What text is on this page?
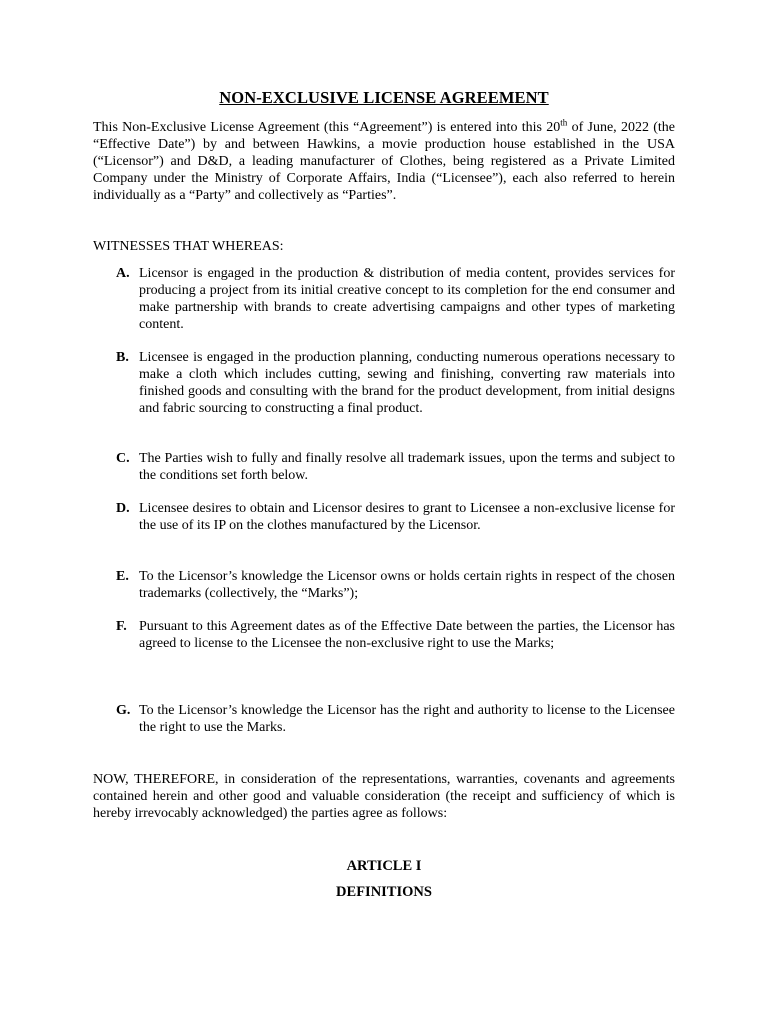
NON-EXCLUSIVE LICENSE AGREEMENT

This Non-Exclusive License Agreement (this “Agreement”) is entered into this 20th of June, 2022 (the “Effective Date”) by and between Hawkins, a movie production house established in the USA (“Licensor”) and D&D, a leading manufacturer of Clothes, being registered as a Private Limited Company under the Ministry of Corporate Affairs, India (“Licensee”), each also referred to herein individually as a “Party” and collectively as “Parties”.

WITNESSES THAT WHEREAS:

A. Licensor is engaged in the production & distribution of media content, provides services for producing a project from its initial creative concept to its completion for the end consumer and make partnership with brands to create advertising campaigns and other types of marketing content.
B. Licensee is engaged in the production planning, conducting numerous operations necessary to make a cloth which includes cutting, sewing and finishing, converting raw materials into finished goods and consulting with the brand for the product development, from initial designs and fabric sourcing to constructing a final product.
C. The Parties wish to fully and finally resolve all trademark issues, upon the terms and subject to the conditions set forth below.
D. Licensee desires to obtain and Licensor desires to grant to Licensee a non-exclusive license for the use of its IP on the clothes manufactured by the Licensor.
E. To the Licensor’s knowledge the Licensor owns or holds certain rights in respect of the chosen trademarks (collectively, the “Marks”);
F. Pursuant to this Agreement dates as of the Effective Date between the parties, the Licensor has agreed to license to the Licensee the non-exclusive right to use the Marks;
G. To the Licensor’s knowledge the Licensor has the right and authority to license to the Licensee the right to use the Marks.

NOW, THEREFORE, in consideration of the representations, warranties, covenants and agreements contained herein and other good and valuable consideration (the receipt and sufficiency of which is hereby irrevocably acknowledged) the parties agree as follows:

ARTICLE I

DEFINITIONS
